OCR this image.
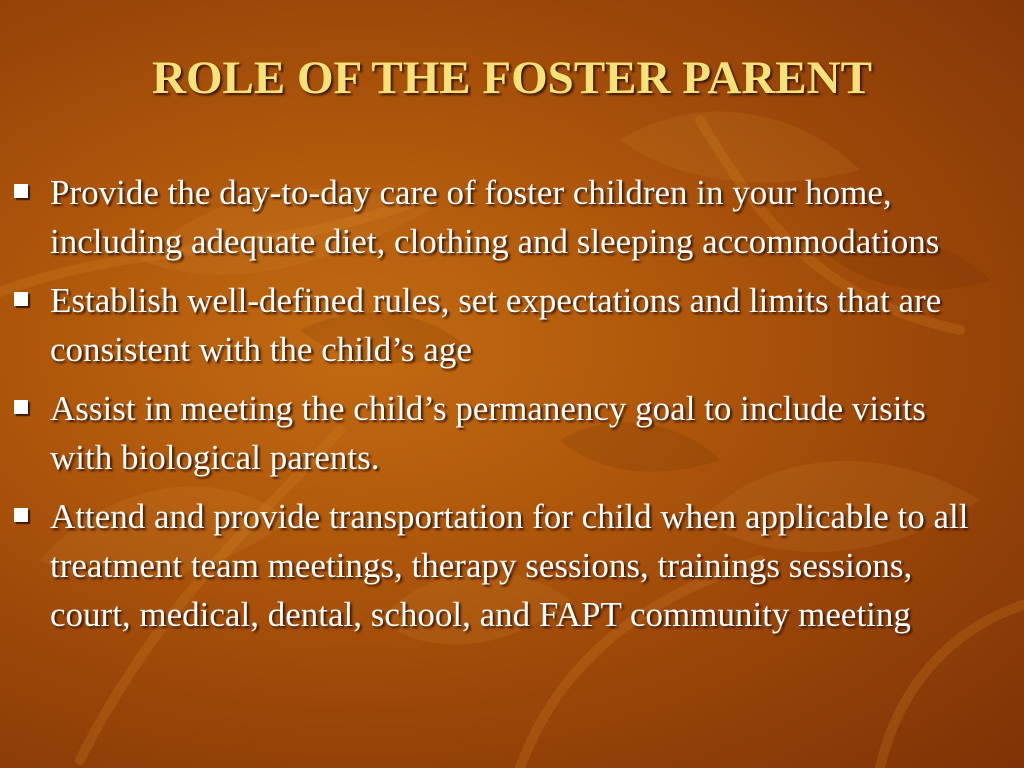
ROLE OF THE FOSTER PARENT
Provide the day-to-day care of foster children in your home, including adequate diet, clothing and sleeping accommodations
Establish well-defined rules, set expectations and limits that are consistent with the child’s age
Assist in meeting the child’s permanency goal to include visits with biological parents.
Attend and provide transportation for child when applicable to all treatment team meetings, therapy sessions, trainings sessions, court, medical, dental, school, and FAPT community meeting
